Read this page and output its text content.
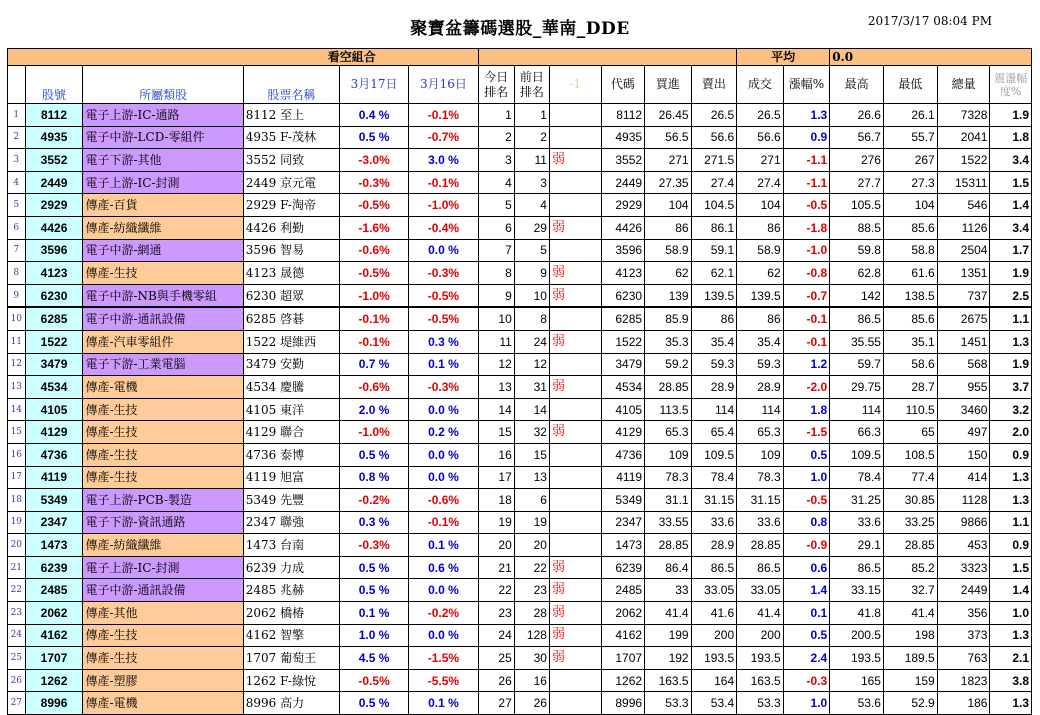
聚寶盆籌碼選股_華南_DDE	2017/3/17 08:04 PM
看空組合												平均		0.0			
	股號	所屬類股	股票名稱	3月17日	3月16日	今日排名	前日排名	-1	代碼	買進	賣出	成交	漲幅%	最高	最低	總量	震盪幅度%
1	8112	電子上游-IC-通路	8112 至上	0.4 %	-0.1%	1	1		8112	26.45	26.5	26.5	1.3	26.6	26.1	7328	1.9
2	4935	電子中游-LCD-零組件	4935 F-茂林	0.5 %	-0.7%	2	2		4935	56.5	56.6	56.6	0.9	56.7	55.7	2041	1.8
3	3552	電子下游-其他	3552 同致	-3.0%	3.0 %	3	11	弱	3552	271	271.5	271	-1.1	276	267	1522	3.4
4	2449	電子上游-IC-封測	2449 京元電	-0.3%	-0.1%	4	3		2449	27.35	27.4	27.4	-1.1	27.7	27.3	15311	1.5
5	2929	傳產-百貨	2929 F-淘帝	-0.5%	-1.0%	5	4		2929	104	104.5	104	-0.5	105.5	104	546	1.4
6	4426	傳產-紡織纖維	4426 利勤	-1.6%	-0.4%	6	29	弱	4426	86	86.1	86	-1.8	88.5	85.6	1126	3.4
7	3596	電子中游-網通	3596 智易	-0.6%	0.0 %	7	5		3596	58.9	59.1	58.9	-1.0	59.8	58.8	2504	1.7
8	4123	傳產-生技	4123 晟德	-0.5%	-0.3%	8	9	弱	4123	62	62.1	62	-0.8	62.8	61.6	1351	1.9
9	6230	電子中游-NB與手機零組	6230 超眾	-1.0%	-0.5%	9	10	弱	6230	139	139.5	139.5	-0.7	142	138.5	737	2.5
10	6285	電子中游-通訊設備	6285 啓碁	-0.1%	-0.5%	10	8		6285	85.9	86	86	-0.1	86.5	85.6	2675	1.1
11	1522	傳產-汽車零組件	1522 堤維西	-0.1%	0.3 %	11	24	弱	1522	35.3	35.4	35.4	-0.1	35.55	35.1	1451	1.3
12	3479	電子下游-工業電腦	3479 安勤	0.7 %	0.1 %	12	12		3479	59.2	59.3	59.3	1.2	59.7	58.6	568	1.9
13	4534	傳產-電機	4534 慶騰	-0.6%	-0.3%	13	31	弱	4534	28.85	28.9	28.9	-2.0	29.75	28.7	955	3.7
14	4105	傳產-生技	4105 東洋	2.0 %	0.0 %	14	14		4105	113.5	114	114	1.8	114	110.5	3460	3.2
15	4129	傳產-生技	4129 聯合	-1.0%	0.2 %	15	32	弱	4129	65.3	65.4	65.3	-1.5	66.3	65	497	2.0
16	4736	傳產-生技	4736 泰博	0.5 %	0.0 %	16	15		4736	109	109.5	109	0.5	109.5	108.5	150	0.9
17	4119	傳產-生技	4119 旭富	0.8 %	0.0 %	17	13		4119	78.3	78.4	78.3	1.0	78.4	77.4	414	1.3
18	5349	電子上游-PCB-製造	5349 先豐	-0.2%	-0.6%	18	6		5349	31.1	31.15	31.15	-0.5	31.25	30.85	1128	1.3
19	2347	電子下游-資訊通路	2347 聯強	0.3 %	-0.1%	19	19		2347	33.55	33.6	33.6	0.8	33.6	33.25	9866	1.1
20	1473	傳產-紡織纖維	1473 台南	-0.3%	0.1 %	20	20		1473	28.85	28.9	28.85	-0.9	29.1	28.85	453	0.9
21	6239	電子上游-IC-封測	6239 力成	0.5 %	0.6 %	21	22	弱	6239	86.4	86.5	86.5	0.6	86.5	85.2	3323	1.5
22	2485	電子中游-通訊設備	2485 兆赫	0.5 %	0.0 %	22	23	弱	2485	33	33.05	33.05	1.4	33.15	32.7	2449	1.4
23	2062	傳產-其他	2062 橋椿	0.1 %	-0.2%	23	28	弱	2062	41.4	41.6	41.4	0.1	41.8	41.4	356	1.0
24	4162	傳產-生技	4162 智擎	1.0 %	0.0 %	24	128	弱	4162	199	200	200	0.5	200.5	198	373	1.3
25	1707	傳產-生技	1707 葡萄王	4.5 %	-1.5%	25	30	弱	1707	192	193.5	193.5	2.4	193.5	189.5	763	2.1
26	1262	傳產-塑膠	1262 F-綠悅	-0.5%	-5.5%	26	16		1262	163.5	164	163.5	-0.3	165	159	1823	3.8
27	8996	傳產-電機	8996 高力	0.5 %	0.1 %	27	26		8996	53.3	53.4	53.3	1.0	53.6	52.9	186	1.3
